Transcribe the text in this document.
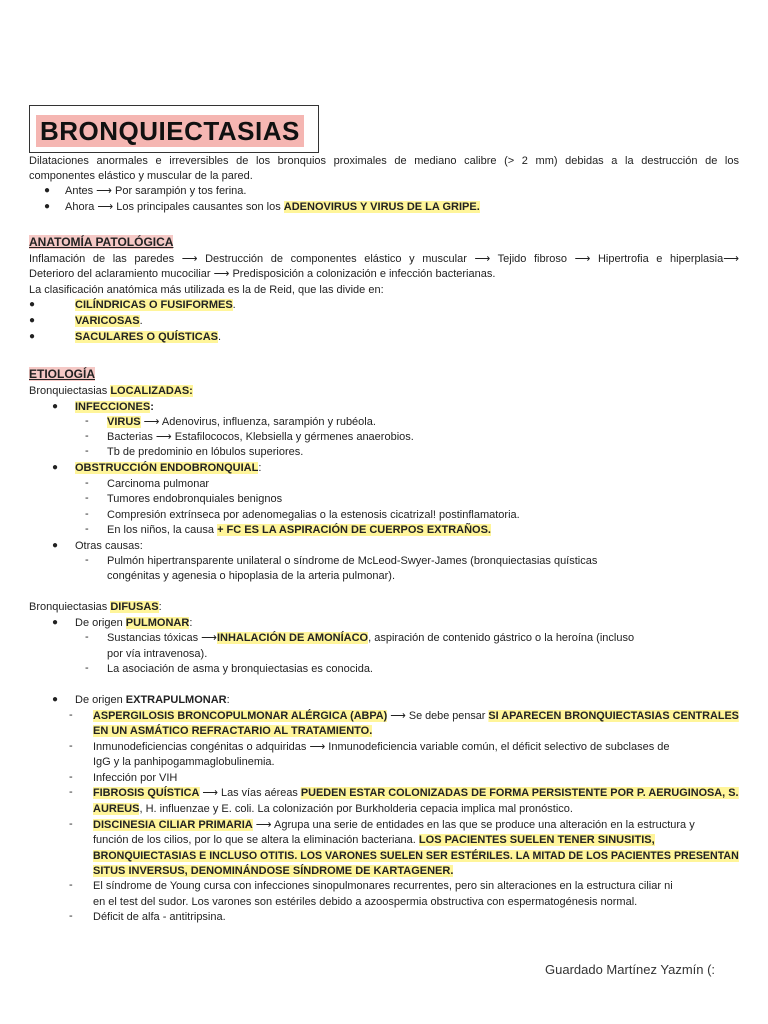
BRONQUIECTASIAS
Dilataciones anormales e irreversibles de los bronquios proximales de mediano calibre (> 2 mm) debidas a la destrucción de los
componentes elástico y muscular de la pared.
● Antes ⟶ Por sarampión y tos ferina.
● Ahora ⟶ Los principales causantes son los ADENOVIRUS Y VIRUS DE LA GRIPE.
ANATOMÍA PATOLÓGICA
Inflamación de las paredes ⟶ Destrucción de componentes elástico y muscular ⟶ Tejido fibroso ⟶ Hipertrofia e hiperplasia⟶
Deterioro del aclaramiento mucociliar ⟶ Predisposición a colonización e infección bacterianas.
La clasificación anatómica más utilizada es la de Reid, que las divide en:
●	CILÍNDRICAS O FUSIFORMES.
●	VARICOSAS.
●	SACULARES O QUÍSTICAS.
ETIOLOGÍA
Bronquiectasias LOCALIZADAS:
● INFECCIONES:
- VIRUS ⟶ Adenovirus, influenza, sarampión y rubéola.
- Bacterias ⟶ Estafilococos, Klebsiella y gérmenes anaerobios.
- Tb de predominio en lóbulos superiores.
● OBSTRUCCIÓN ENDOBRONQUIAL:
- Carcinoma pulmonar
- Tumores endobronquiales benignos
- Compresión extrínseca por adenomegalias o la estenosis cicatrizal! postinflamatoria.
- En los niños, la causa + FC ES LA ASPIRACIÓN DE CUERPOS EXTRAÑOS.
● Otras causas:
- Pulmón hipertransparente unilateral o síndrome de McLeod-Swyer-James (bronquiectasias quísticas
congénitas y agenesia o hipoplasia de la arteria pulmonar).
Bronquiectasias DIFUSAS:
● De origen PULMONAR:
- Sustancias tóxicas ⟶INHALACIÓN DE AMONÍACO, aspiración de contenido gástrico o la heroína (incluso
por vía intravenosa).
- La asociación de asma y bronquiectasias es conocida.
● De origen EXTRAPULMONAR:
- ASPERGILOSIS BRONCOPULMONAR ALÉRGICA (ABPA) ⟶ Se debe pensar SI APARECEN BRONQUIECTASIAS CENTRALES
EN UN ASMÁTICO REFRACTARIO AL TRATAMIENTO.
- Inmunodeficiencias congénitas o adquiridas ⟶ Inmunodeficiencia variable común, el déficit selectivo de subclases de
IgG y la panhipogammaglobulinemia.
- Infección por VIH
- FIBROSIS QUÍSTICA ⟶ Las vías aéreas PUEDEN ESTAR COLONIZADAS DE FORMA PERSISTENTE POR P. AERUGINOSA, S.
AUREUS, H. influenzae y E. coli. La colonización por Burkholderia cepacia implica mal pronóstico.
- DISCINESIA CILIAR PRIMARIA ⟶ Agrupa una serie de entidades en las que se produce una alteración en la estructura y
función de los cilios, por lo que se altera la eliminación bacteriana. LOS PACIENTES SUELEN TENER SINUSITIS,
BRONQUIECTASIAS E INCLUSO OTITIS. LOS VARONES SUELEN SER ESTÉRILES. LA MITAD DE LOS PACIENTES PRESENTAN
SITUS INVERSUS, DENOMINÁNDOSE SÍNDROME DE KARTAGENER.
- El síndrome de Young cursa con infecciones sinopulmonares recurrentes, pero sin alteraciones en la estructura ciliar ni
en el test del sudor. Los varones son estériles debido a azoospermia obstructiva con espermatogénesis normal.
- Déficit de alfa - antitripsina.
Guardado Martínez Yazmín (:
